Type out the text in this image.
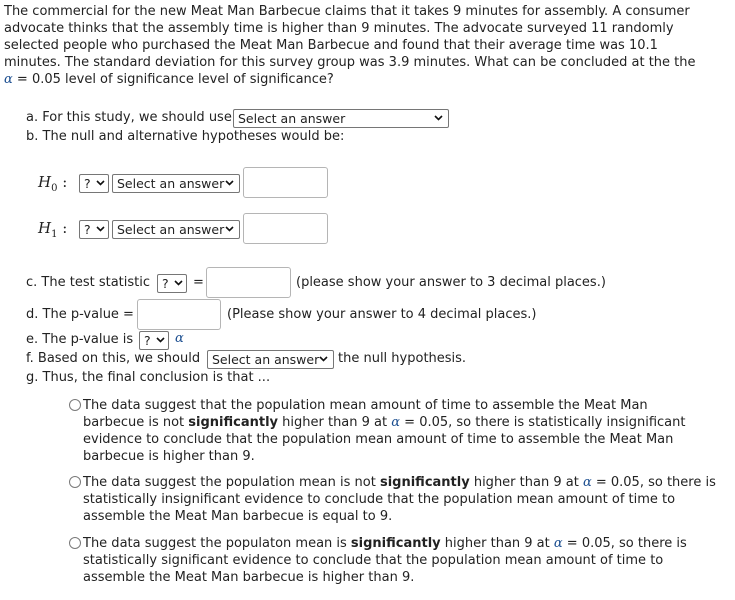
The commercial for the new Meat Man Barbecue claims that it takes 9 minutes for assembly. A consumer
advocate thinks that the assembly time is higher than 9 minutes. The advocate surveyed 11 randomly
selected people who purchased the Meat Man Barbecue and found that their average time was 10.1
minutes. The standard deviation for this survey group was 3.9 minutes. What can be concluded at the the
α = 0.05 level of significance level of significance?
a. For this study, we should use Select an answer
b. The null and alternative hypotheses would be:
$H_0$ :	?	Select an answer
$H_1$ :	?	Select an answer
c. The test statistic ?	=	(please show your answer to 3 decimal places.)
d. The p-value =	(Please show your answer to 4 decimal places.)
e. The p-value is ?	α
f. Based on this, we should Select an answer	the null hypothesis.
g. Thus, the final conclusion is that ...
The data suggest that the population mean amount of time to assemble the Meat Man
barbecue is not significantly higher than 9 at α = 0.05, so there is statistically insignificant
evidence to conclude that the population mean amount of time to assemble the Meat Man
barbecue is higher than 9.
The data suggest the population mean is not significantly higher than 9 at α = 0.05, so there is
statistically insignificant evidence to conclude that the population mean amount of time to
assemble the Meat Man barbecue is equal to 9.
The data suggest the populaton mean is significantly higher than 9 at α = 0.05, so there is
statistically significant evidence to conclude that the population mean amount of time to
assemble the Meat Man barbecue is higher than 9.
